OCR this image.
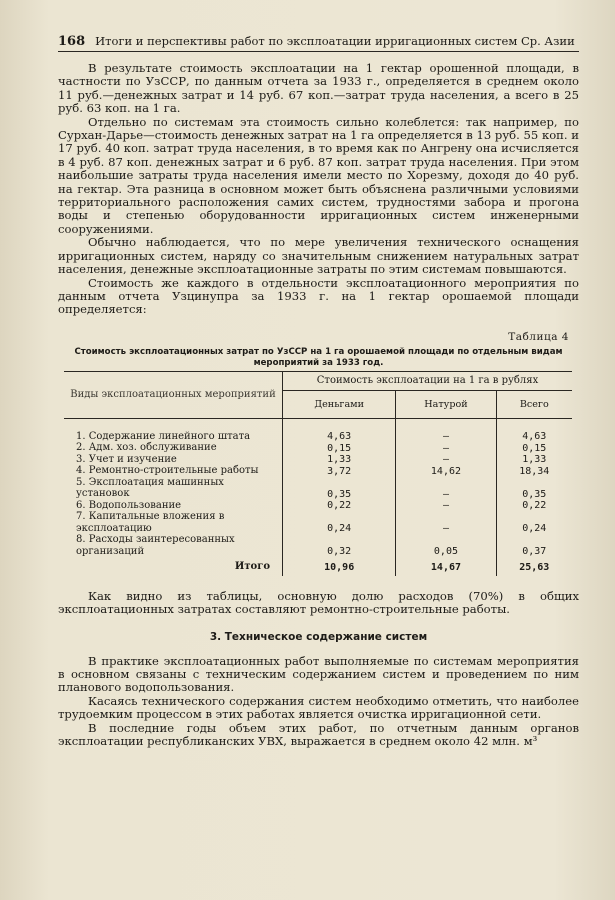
168 Итоги и перспективы работ по эксплоатации ирригационных систем Ср. Азии

В результате стоимость эксплоатации на 1 гектар орошенной площади, в частности по УзССР, по данным отчета за 1933 г., определяется в среднем около 11 руб.—денежных затрат и 14 руб. 67 коп.—затрат труда населения, а всего в 25 руб. 63 коп. на 1 га.

Отдельно по системам эта стоимость сильно колеблется: так например, по Сурхан-Дарье—стоимость денежных затрат на 1 га определяется в 13 руб. 55 коп. и 17 руб. 40 коп. затрат труда населения, в то время как по Ангрену она исчисляется в 4 руб. 87 коп. денежных затрат и 6 руб. 87 коп. затрат труда населения. При этом наибольшие затраты труда населения имели место по Хорезму, доходя до 40 руб. на гектар. Эта разница в основном может быть объяснена различными условиями территориального расположения самих систем, трудностями забора и прогона воды и степенью оборудованности ирригационных систем инженерными сооружениями.

Обычно наблюдается, что по мере увеличения технического оснащения ирригационных систем, наряду со значительным снижением натуральных затрат населения, денежные эксплоатационные затраты по этим системам повышаются.

Стоимость же каждого в отдельности эксплоатационного мероприятия по данным отчета Узцинупра за 1933 г. на 1 гектар орошаемой площади определяется:

Таблица 4
Стоимость эксплоатационных затрат по УзССР на 1 га орошаемой площади по отдельным видам мероприятий за 1933 год.
Виды эксплоатационных мероприятий	Стоимость эксплоатации на 1 га в рублях		
	Деньгами	Натурой	Всего
1. Содержание линейного штата	4,63	—	4,63
2. Адм. хоз. обслуживание	0,15	—	0,15
3. Учет и изучение	1,33	—	1,33
4. Ремонтно-строительные работы	3,72	14,62	18,34
5. Эксплоатация машинных установок	0,35	—	0,35
6. Водопользование	0,22	—	0,22
7. Капитальные вложения в эксплоатацию	0,24	—	0,24
8. Расходы заинтересованных организаций	0,32	0,05	0,37
Итого	10,96	14,67	25,63

Как видно из таблицы, основную долю расходов (70%) в общих эксплоатационных затратах составляют ремонтно-строительные работы.

3. Техническое содержание систем

В практике эксплоатационных работ выполняемые по системам мероприятия в основном связаны с техническим содержанием систем и проведением по ним планового водопользования.

Касаясь технического содержания систем необходимо отметить, что наиболее трудоемким процессом в этих работах является очистка ирригационной сети.

В последние годы объем этих работ, по отчетным данным органов эксплоатации республиканских УВХ, выражается в среднем около 42 млн. м³
